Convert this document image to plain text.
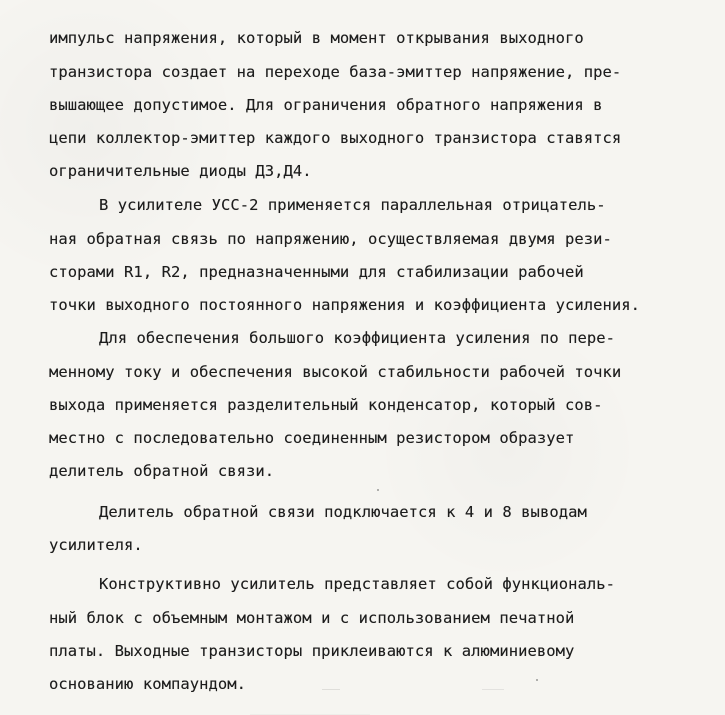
импульс напряжения, который в момент открывания выходного
транзистора создает на переходе база-эмиттер напряжение, пре-
вышающее допустимое. Для ограничения обратного напряжения в
цепи коллектор-эмиттер каждого выходного транзистора ставятся
ограничительные диоды Д3,Д4.
В усилителе УСС-2 применяется параллельная отрицатель-
ная обратная связь по напряжению, осуществляемая двумя рези-
сторами R1, R2, предназначенными для стабилизации рабочей
точки выходного постоянного напряжения и коэффициента усиления.
Для обеспечения большого коэффициента усиления по пере-
менному току и обеспечения высокой стабильности рабочей точки
выхода применяется разделительный конденсатор, который сов-
местно с последовательно соединенным резистором образует
делитель обратной связи.
Делитель обратной связи подключается к 4 и 8 выводам
усилителя.
Конструктивно усилитель представляет собой функциональ-
ный блок с объемным монтажом и с использованием печатной
платы. Выходные транзисторы приклеиваются к алюминиевому
основанию компаундом.
